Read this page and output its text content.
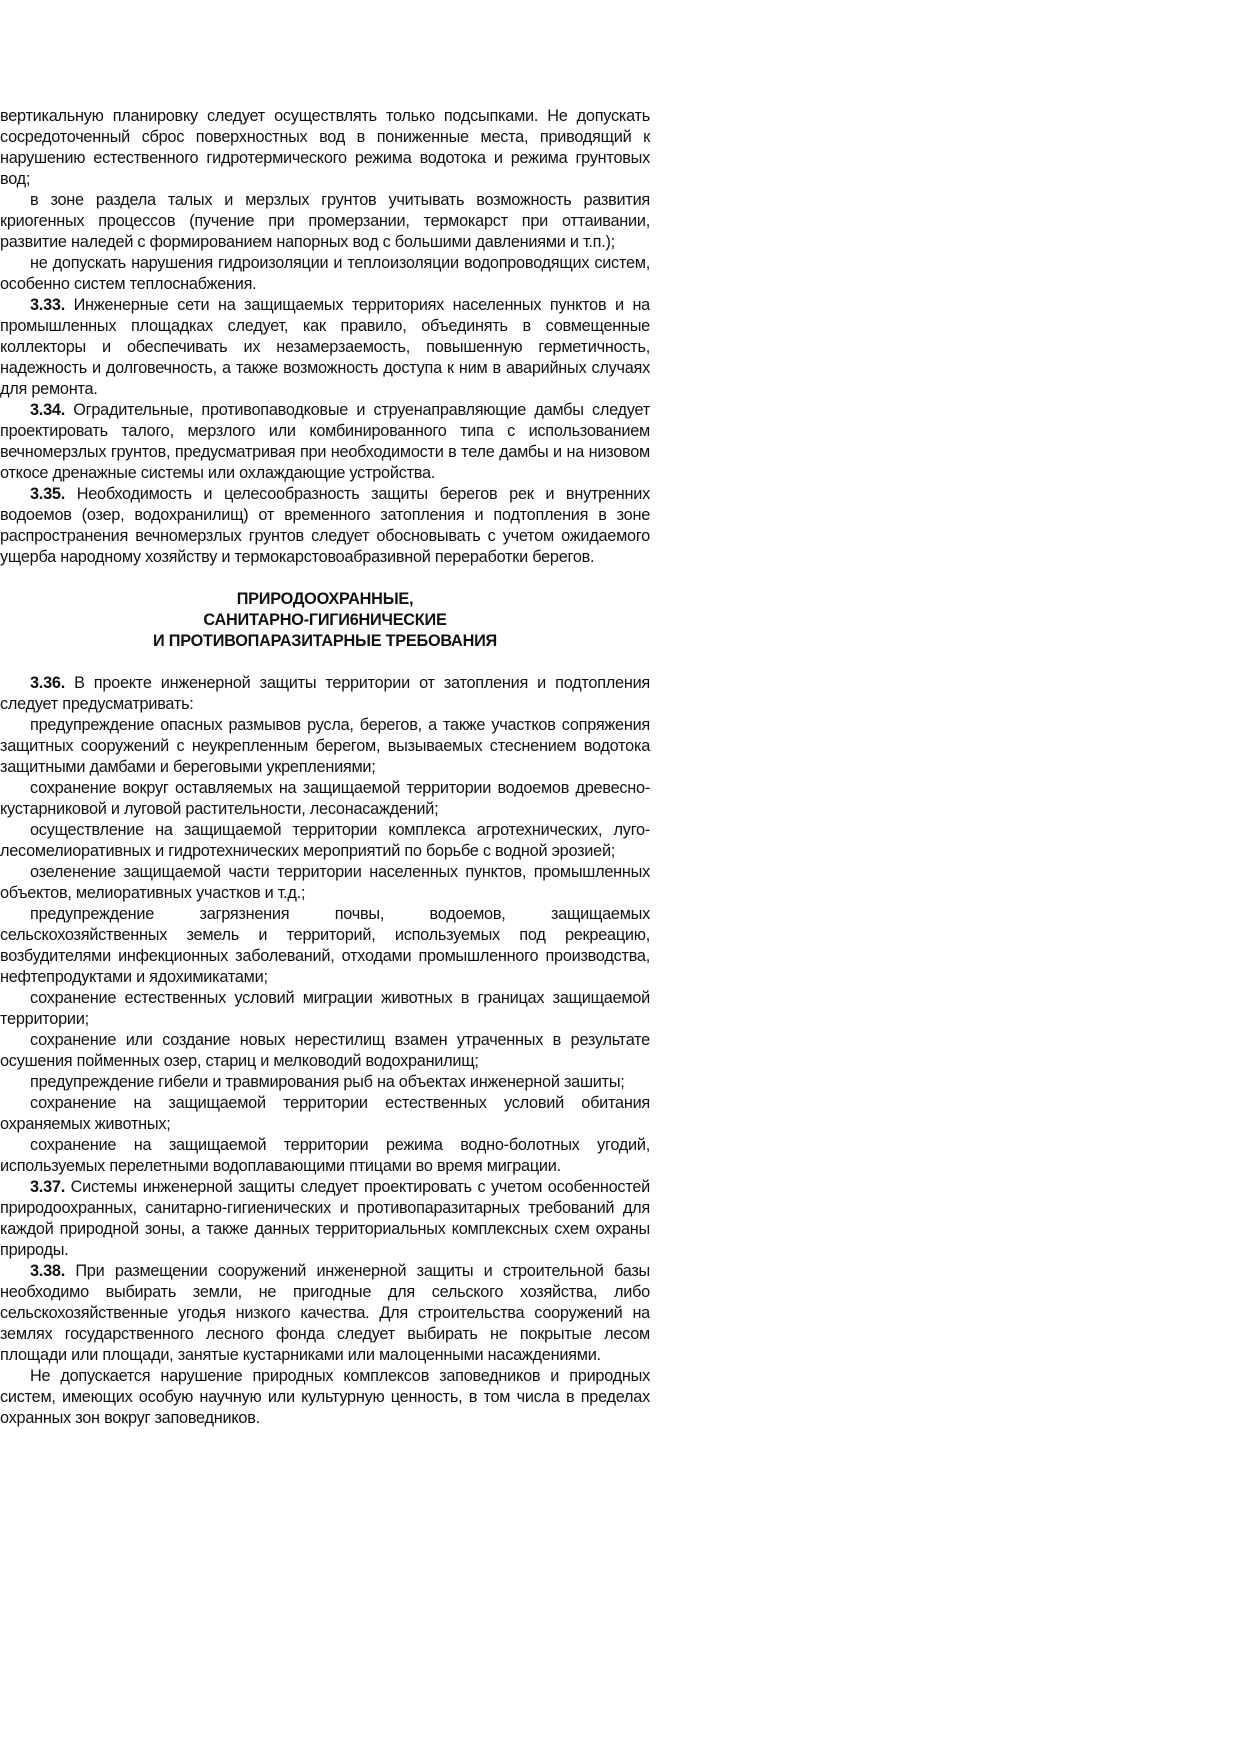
вертикальную планировку следует осуществлять только подсыпками. Не допускать сосредоточенный сброс поверхностных вод в пониженные места, приводящий к нарушению естественного гидротермического режима водотока и режима грунтовых вод;

в зоне раздела талых и мерзлых грунтов учитывать возможность развития криогенных процессов (пучение при промерзании, термокарст при оттаивании, развитие наледей с формированием напорных вод с большими давлениями и т.п.);

не допускать нарушения гидроизоляции и теплоизоляции водопроводящих систем, особенно систем теплоснабжения.

3.33. Инженерные сети на защищаемых территориях населенных пунктов и на промышленных площадках следует, как правило, объединять в совмещенные коллекторы и обеспечивать их незамерзаемость, повышенную герметичность, надежность и долговечность, а также возможность доступа к ним в аварийных случаях для ремонта.

3.34. Оградительные, противопаводковые и струенаправляющие дамбы следует проектировать талого, мерзлого или комбинированного типа с использованием вечномерзлых грунтов, предусматривая при необходимости в теле дамбы и на низовом откосе дренажные системы или охлаждающие устройства.

3.35. Необходимость и целесообразность защиты берегов рек и внутренних водоемов (озер, водохранилищ) от временного затопления и подтопления в зоне распространения вечномерзлых грунтов следует обосновывать с учетом ожидаемого ущерба народному хозяйству и термокарстовоабразивной переработки берегов.

ПРИРОДООХРАННЫЕ,
САНИТАРНО-ГИГИ6НИЧЕСКИЕ
И ПРОТИВОПАРАЗИТАРНЫЕ ТРЕБОВАНИЯ

3.36. В проекте инженерной защиты территории от затопления и подтопления следует предусматривать:

предупреждение опасных размывов русла, берегов, а также участков сопряжения защитных сооружений с неукрепленным берегом, вызываемых стеснением водотока защитными дамбами и береговыми укреплениями;

сохранение вокруг оставляемых на защищаемой территории водоемов древесно-кустарниковой и луговой растительности, лесонасаждений;

осуществление на защищаемой территории комплекса агротехнических, луго-лесомелиоративных и гидротехнических мероприятий по борьбе с водной эрозией;

озеленение защищаемой части территории населенных пунктов, промышленных объектов, мелиоративных участков и т.д.;

предупреждение загрязнения почвы, водоемов, защищаемых сельскохозяйственных земель и территорий, используемых под рекреацию, возбудителями инфекционных заболеваний, отходами промышленного производства, нефтепродуктами и ядохимикатами;

сохранение естественных условий миграции животных в границах защищаемой территории;

сохранение или создание новых нерестилищ взамен утраченных в результате осушения пойменных озер, стариц и мелководий водохранилищ;

предупреждение гибели и травмирования рыб на объектах инженерной зашиты;

сохранение на защищаемой территории естественных условий обитания охраняемых животных;

сохранение на защищаемой территории режима водно-болотных угодий, используемых перелетными водоплавающими птицами во время миграции.

3.37. Системы инженерной защиты следует проектировать с учетом особенностей природоохранных, санитарно-гигиенических и противопаразитарных требований для каждой природной зоны, а также данных территориальных комплексных схем охраны природы.

3.38. При размещении сооружений инженерной защиты и строительной базы необходимо выбирать земли, не пригодные для сельского хозяйства, либо сельскохозяйственные угодья низкого качества. Для строительства сооружений на землях государственного лесного фонда следует выбирать не покрытые лесом площади или площади, занятые кустарниками или малоценными насаждениями.

Не допускается нарушение природных комплексов заповедников и природных систем, имеющих особую научную или культурную ценность, в том числа в пределах охранных зон вокруг заповедников.
